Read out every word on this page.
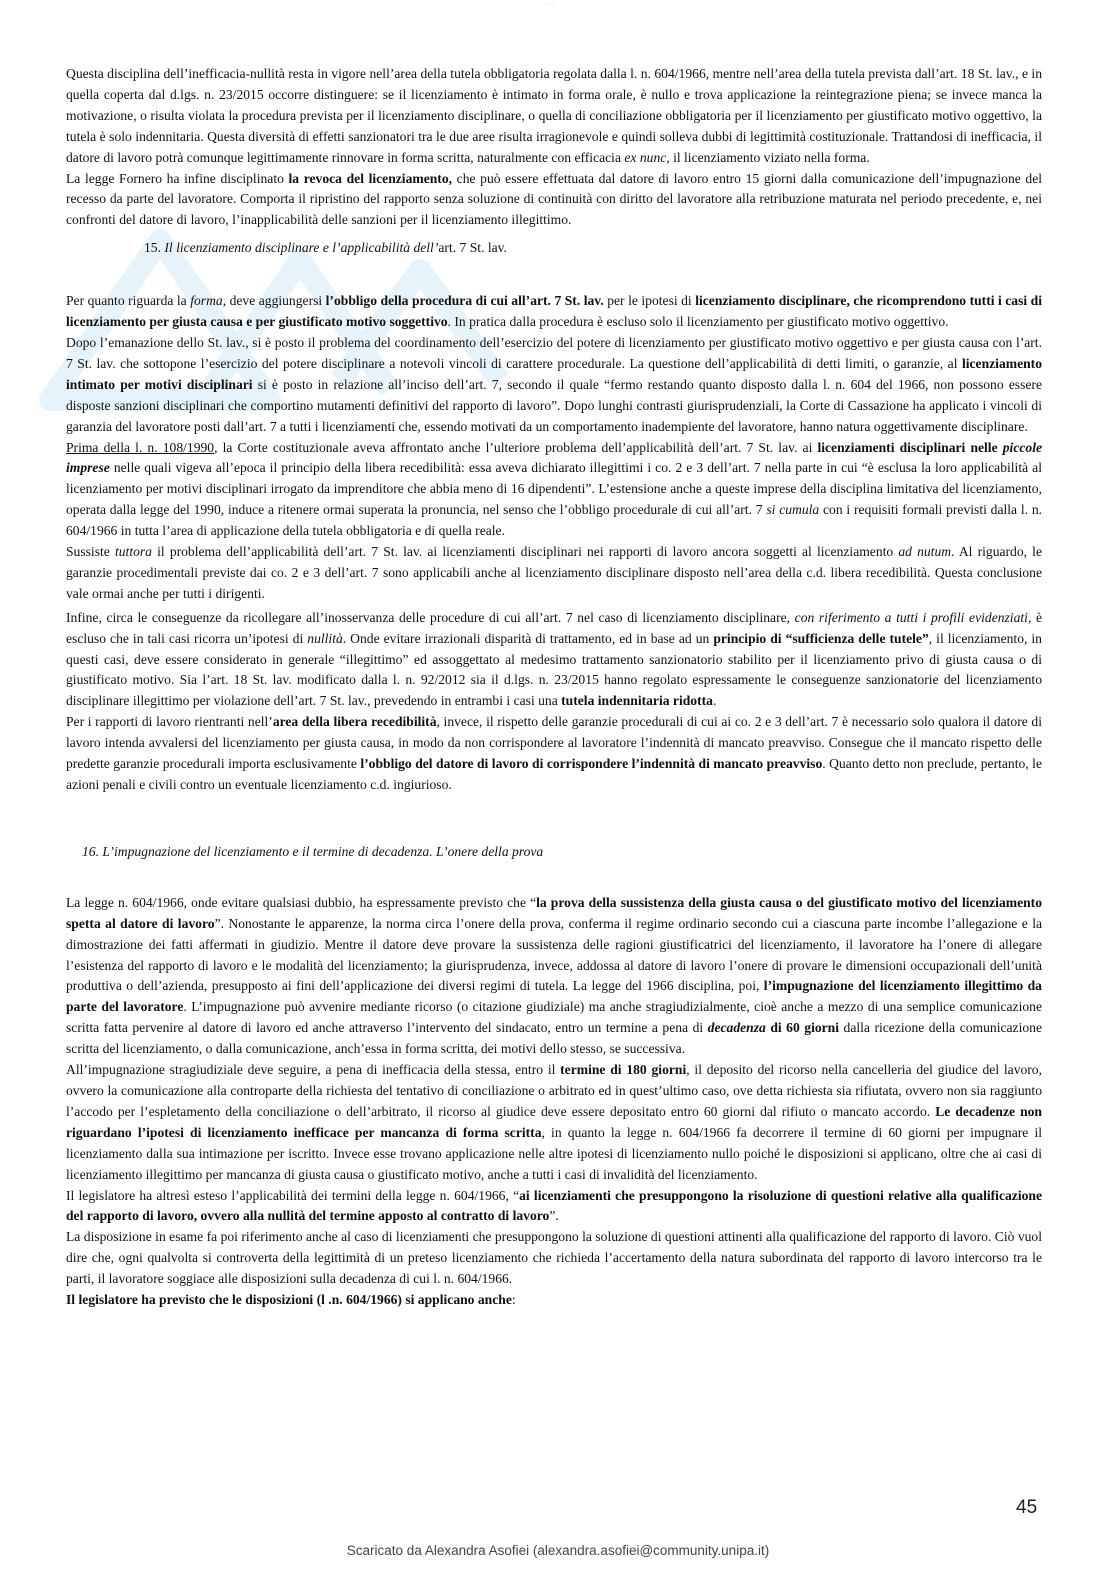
· · ·

Questa disciplina dell’inefficacia-nullità resta in vigore nell’area della tutela obbligatoria regolata dalla l. n. 604/1966, mentre nell’area della tutela prevista dall’art. 18 St. lav., e in quella coperta dal d.lgs. n. 23/2015 occorre distinguere: se il licenziamento è intimato in forma orale, è nullo e trova applicazione la reintegrazione piena; se invece manca la motivazione, o risulta violata la procedura prevista per il licenziamento disciplinare, o quella di conciliazione obbligatoria per il licenziamento per giustificato motivo oggettivo, la tutela è solo indennitaria. Questa diversità di effetti sanzionatori tra le due aree risulta irragionevole e quindi solleva dubbi di legittimità costituzionale. Trattandosi di inefficacia, il datore di lavoro potrà comunque legittimamente rinnovare in forma scritta, naturalmente con efficacia ex nunc, il licenziamento viziato nella forma.

La legge Fornero ha infine disciplinato la revoca del licenziamento, che può essere effettuata dal datore di lavoro entro 15 giorni dalla comunicazione dell’impugnazione del recesso da parte del lavoratore. Comporta il ripristino del rapporto senza soluzione di continuità con diritto del lavoratore alla retribuzione maturata nel periodo precedente, e, nei confronti del datore di lavoro, l’inapplicabilità delle sanzioni per il licenziamento illegittimo.

15. Il licenziamento disciplinare e l’applicabilità dell’art. 7 St. lav.

Per quanto riguarda la forma, deve aggiungersi l’obbligo della procedura di cui all’art. 7 St. lav. per le ipotesi di licenziamento disciplinare, che ricomprendono tutti i casi di licenziamento per giusta causa e per giustificato motivo soggettivo. In pratica dalla procedura è escluso solo il licenziamento per giustificato motivo oggettivo.

Dopo l’emanazione dello St. lav., si è posto il problema del coordinamento dell’esercizio del potere di licenziamento per giustificato motivo oggettivo e per giusta causa con l’art. 7 St. lav. che sottopone l’esercizio del potere disciplinare a notevoli vincoli di carattere procedurale. La questione dell’applicabilità di detti limiti, o garanzie, al licenziamento intimato per motivi disciplinari si è posto in relazione all’inciso dell’art. 7, secondo il quale “fermo restando quanto disposto dalla l. n. 604 del 1966, non possono essere disposte sanzioni disciplinari che comportino mutamenti definitivi del rapporto di lavoro”. Dopo lunghi contrasti giurisprudenziali, la Corte di Cassazione ha applicato i vincoli di garanzia del lavoratore posti dall’art. 7 a tutti i licenziamenti che, essendo motivati da un comportamento inadempiente del lavoratore, hanno natura oggettivamente disciplinare.

Prima della l. n. 108/1990, la Corte costituzionale aveva affrontato anche l’ulteriore problema dell’applicabilità dell’art. 7 St. lav. ai licenziamenti disciplinari nelle piccole imprese nelle quali vigeva all’epoca il principio della libera recedibilità: essa aveva dichiarato illegittimi i co. 2 e 3 dell’art. 7 nella parte in cui “è esclusa la loro applicabilità al licenziamento per motivi disciplinari irrogato da imprenditore che abbia meno di 16 dipendenti”. L’estensione anche a queste imprese della disciplina limitativa del licenziamento, operata dalla legge del 1990, induce a ritenere ormai superata la pronuncia, nel senso che l’obbligo procedurale di cui all’art. 7 si cumula con i requisiti formali previsti dalla l. n. 604/1966 in tutta l’area di applicazione della tutela obbligatoria e di quella reale.

Sussiste tuttora il problema dell’applicabilità dell’art. 7 St. lav. ai licenziamenti disciplinari nei rapporti di lavoro ancora soggetti al licenziamento ad nutum. Al riguardo, le garanzie procedimentali previste dai co. 2 e 3 dell’art. 7 sono applicabili anche al licenziamento disciplinare disposto nell’area della c.d. libera recedibilità. Questa conclusione vale ormai anche per tutti i dirigenti.

Infine, circa le conseguenze da ricollegare all’inosservanza delle procedure di cui all’art. 7 nel caso di licenziamento disciplinare, con riferimento a tutti i profili evidenziati, è escluso che in tali casi ricorra un’ipotesi di nullità. Onde evitare irrazionali disparità di trattamento, ed in base ad un principio di “sufficienza delle tutele”, il licenziamento, in questi casi, deve essere considerato in generale “illegittimo” ed assoggettato al medesimo trattamento sanzionatorio stabilito per il licenziamento privo di giusta causa o di giustificato motivo. Sia l’art. 18 St. lav. modificato dalla l. n. 92/2012 sia il d.lgs. n. 23/2015 hanno regolato espressamente le conseguenze sanzionatorie del licenziamento disciplinare illegittimo per violazione dell’art. 7 St. lav., prevedendo in entrambi i casi una tutela indennitaria ridotta.

Per i rapporti di lavoro rientranti nell’area della libera recedibilità, invece, il rispetto delle garanzie procedurali di cui ai co. 2 e 3 dell’art. 7 è necessario solo qualora il datore di lavoro intenda avvalersi del licenziamento per giusta causa, in modo da non corrispondere al lavoratore l’indennità di mancato preavviso. Consegue che il mancato rispetto delle predette garanzie procedurali importa esclusivamente l’obbligo del datore di lavoro di corrispondere l’indennità di mancato preavviso. Quanto detto non preclude, pertanto, le azioni penali e civili contro un eventuale licenziamento c.d. ingiurioso.

16. L’impugnazione del licenziamento e il termine di decadenza. L’onere della prova

La legge n. 604/1966, onde evitare qualsiasi dubbio, ha espressamente previsto che “la prova della sussistenza della giusta causa o del giustificato motivo del licenziamento spetta al datore di lavoro”. Nonostante le apparenze, la norma circa l’onere della prova, conferma il regime ordinario secondo cui a ciascuna parte incombe l’allegazione e la dimostrazione dei fatti affermati in giudizio. Mentre il datore deve provare la sussistenza delle ragioni giustificatrici del licenziamento, il lavoratore ha l’onere di allegare l’esistenza del rapporto di lavoro e le modalità del licenziamento; la giurisprudenza, invece, addossa al datore di lavoro l’onere di provare le dimensioni occupazionali dell’unità produttiva o dell’azienda, presupposto ai fini dell’applicazione dei diversi regimi di tutela. La legge del 1966 disciplina, poi, l’impugnazione del licenziamento illegittimo da parte del lavoratore. L’impugnazione può avvenire mediante ricorso (o citazione giudiziale) ma anche stragiudizialmente, cioè anche a mezzo di una semplice comunicazione scritta fatta pervenire al datore di lavoro ed anche attraverso l’intervento del sindacato, entro un termine a pena di decadenza di 60 giorni dalla ricezione della comunicazione scritta del licenziamento, o dalla comunicazione, anch’essa in forma scritta, dei motivi dello stesso, se successiva.

All’impugnazione stragiudiziale deve seguire, a pena di inefficacia della stessa, entro il termine di 180 giorni, il deposito del ricorso nella cancelleria del giudice del lavoro, ovvero la comunicazione alla controparte della richiesta del tentativo di conciliazione o arbitrato ed in quest’ultimo caso, ove detta richiesta sia rifiutata, ovvero non sia raggiunto l’accodo per l’espletamento della conciliazione o dell’arbitrato, il ricorso al giudice deve essere depositato entro 60 giorni dal rifiuto o mancato accordo. Le decadenze non riguardano l’ipotesi di licenziamento inefficace per mancanza di forma scritta, in quanto la legge n. 604/1966 fa decorrere il termine di 60 giorni per impugnare il licenziamento dalla sua intimazione per iscritto. Invece esse trovano applicazione nelle altre ipotesi di licenziamento nullo poiché le disposizioni si applicano, oltre che ai casi di licenziamento illegittimo per mancanza di giusta causa o giustificato motivo, anche a tutti i casi di invalidità del licenziamento.

Il legislatore ha altresì esteso l’applicabilità dei termini della legge n. 604/1966, “ai licenziamenti che presuppongono la risoluzione di questioni relative alla qualificazione del rapporto di lavoro, ovvero alla nullità del termine apposto al contratto di lavoro”.

La disposizione in esame fa poi riferimento anche al caso di licenziamenti che presuppongono la soluzione di questioni attinenti alla qualificazione del rapporto di lavoro. Ciò vuol dire che, ogni qualvolta si controverta della legittimità di un preteso licenziamento che richieda l’accertamento della natura subordinata del rapporto di lavoro intercorso tra le parti, il lavoratore soggiace alle disposizioni sulla decadenza di cui l. n. 604/1966.

Il legislatore ha previsto che le disposizioni (l .n. 604/1966) si applicano anche:

45
Scaricato da Alexandra Asofiei (alexandra.asofiei@community.unipa.it)
